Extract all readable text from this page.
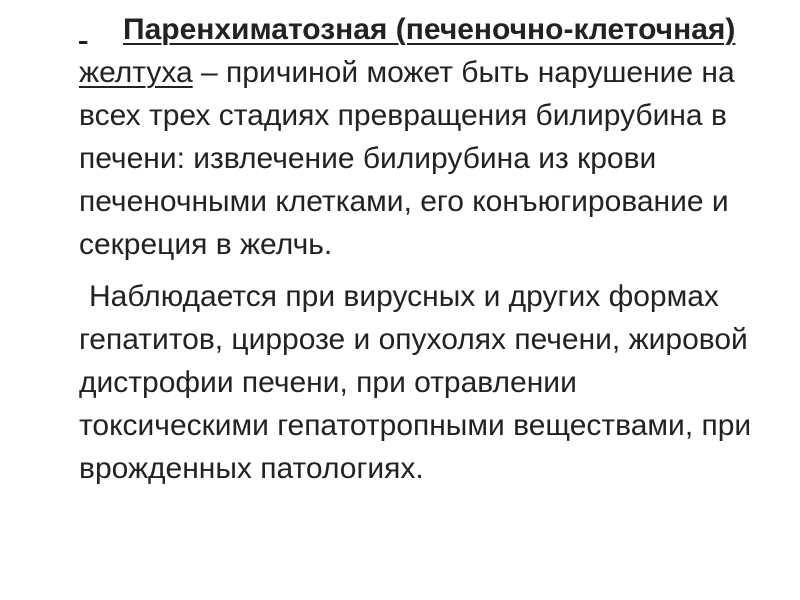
Паренхиматозная (печеночно-клеточная) желтуха – причиной может быть нарушение на всех трех стадиях превращения билирубина в печени: извлечение билирубина из крови печеночными клетками, его конъюгирование и секреция в желчь.

Наблюдается при вирусных и других формах гепатитов, циррозе и опухолях печени, жировой дистрофии печени, при отравлении токсическими гепатотропными веществами, при врожденных патологиях.
